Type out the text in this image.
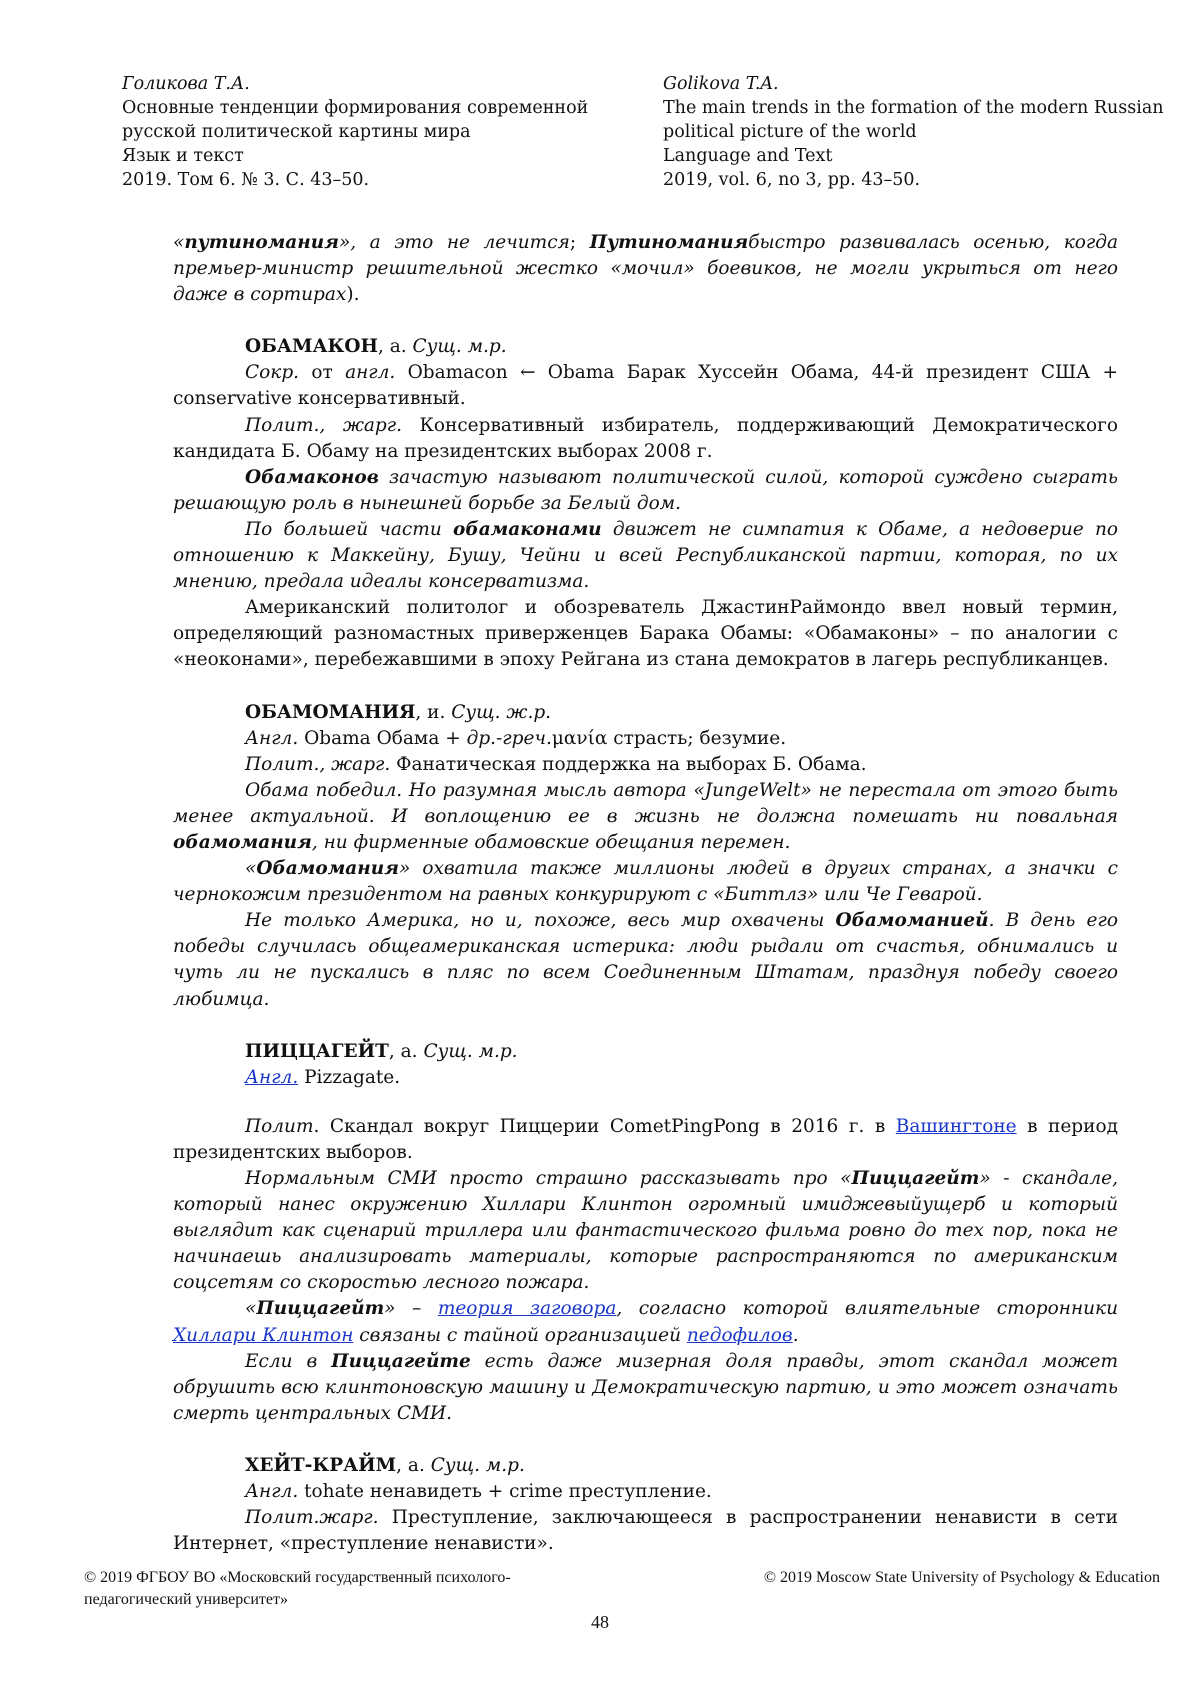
Голикова Т.А.
Основные тенденции формирования современной
русской политической картины мира
Язык и текст
2019. Том 6. № 3. С. 43–50.
Golikova T.A.
The main trends in the formation of the modern Russian
political picture of the world
Language and Text
2019, vol. 6, no 3, pp. 43–50.

«путиномания», а это не лечится; Путиноманиябыстро развивалась осенью, когда премьер-министр решительной жестко «мочил» боевиков, не могли укрыться от него даже в сортирах).

ОБАМАКОН, а. Сущ. м.р.

Сокр. от англ. Obamacon ← Obama Барак Хуссейн Обама, 44-й президент США + conservative консервативный.

Полит., жарг. Консервативный избиратель, поддерживающий Демократического кандидата Б. Обаму на президентских выборах 2008 г.

Обамаконов зачастую называют политической силой, которой суждено сыграть решающую роль в нынешней борьбе за Белый дом.

По большей части обамаконами движет не симпатия к Обаме, а недоверие по отношению к Маккейну, Бушу, Чейни и всей Республиканской партии, которая, по их мнению, предала идеалы консерватизма.

Американский политолог и обозреватель ДжастинРаймондо ввел новый термин, определяющий разномастных приверженцев Барака Обамы: «Обамаконы» – по аналогии с «неоконами», перебежавшими в эпоху Рейгана из стана демократов в лагерь республиканцев.

ОБАМОМАНИЯ, и. Сущ. ж.р.

Англ. Obama Обама + др.-греч.μανία страсть; безумие.

Полит., жарг. Фанатическая поддержка на выборах Б. Обама.

Обама победил. Но разумная мысль автора «JungeWelt» не перестала от этого быть менее актуальной. И воплощению ее в жизнь не должна помешать ни повальная обамомания, ни фирменные обамовские обещания перемен.

«Обамомания» охватила также миллионы людей в других странах, а значки с чернокожим президентом на равных конкурируют с «Биттлз» или Че Геварой.

Не только Америка, но и, похоже, весь мир охвачены Обамоманией. В день его победы случилась общеамериканская истерика: люди рыдали от счастья, обнимались и чуть ли не пускались в пляс по всем Соединенным Штатам, празднуя победу своего любимца.

ПИЦЦАГЕЙТ, а. Сущ. м.р.

Англ. Pizzagate.

Полит. Скандал вокруг Пиццерии CometPingPong в 2016 г. в Вашингтоне в период президентских выборов.

Нормальным СМИ просто страшно рассказывать про «Пиццагейт» - скандале, который нанес окружению Хиллари Клинтон огромный имиджевыйущерб и который выглядит как сценарий триллера или фантастического фильма ровно до тех пор, пока не начинаешь анализировать материалы, которые распространяются по американским соцсетям со скоростью лесного пожара.

«Пиццагейт» – теория заговора, согласно которой влиятельные сторонники Хиллари Клинтон связаны с тайной организацией педофилов.

Если в Пиццагейте есть даже мизерная доля правды, этот скандал может обрушить всю клинтоновскую машину и Демократическую партию, и это может означать смерть центральных СМИ.

ХЕЙТ-КРАЙМ, а. Сущ. м.р.

Англ. tohate ненавидеть + crime преступление.

Полит.жарг. Преступление, заключающееся в распространении ненависти в сети Интернет, «преступление ненависти».

© 2019 ФГБОУ ВО «Московский государственный психолого-
педагогический университет»
© 2019 Moscow State University of Psychology & Education
48
